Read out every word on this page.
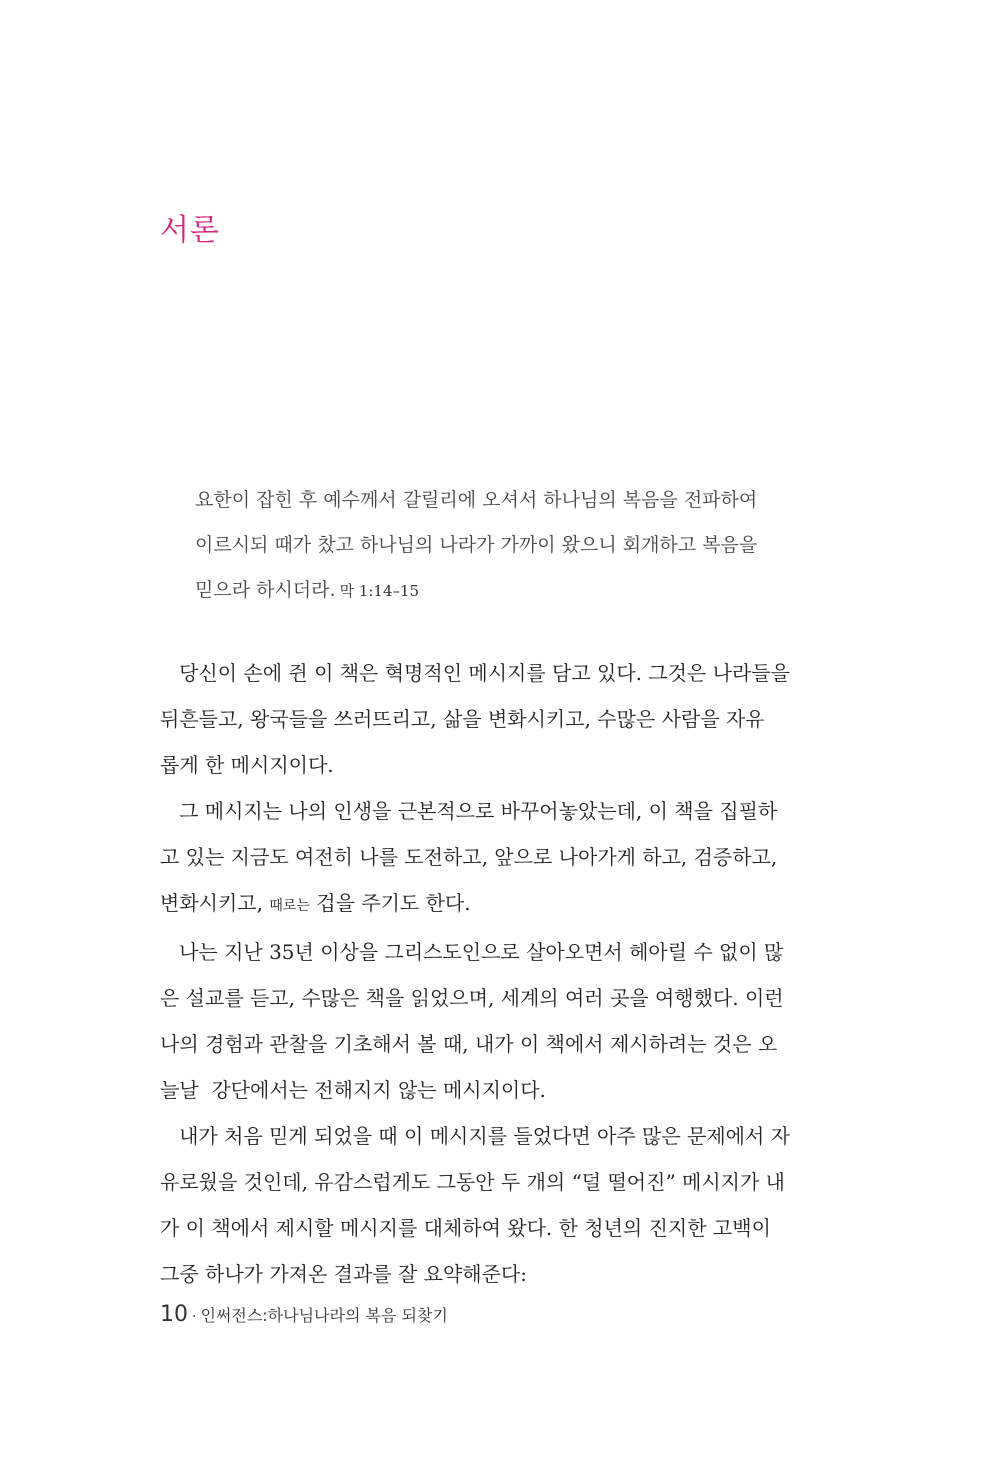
서론
요한이 잡힌 후 예수께서 갈릴리에 오셔서 하나님의 복음을 전파하여
이르시되 때가 찼고 하나님의 나라가 가까이 왔으니 회개하고 복음을
믿으라 하시더라. 막 1:14–15
당신이 손에 쥔 이 책은 혁명적인 메시지를 담고 있다. 그것은 나라들을
뒤흔들고, 왕국들을 쓰러뜨리고, 삶을 변화시키고, 수많은 사람을 자유
롭게 한 메시지이다.
그 메시지는 나의 인생을 근본적으로 바꾸어놓았는데, 이 책을 집필하
고 있는 지금도 여전히 나를 도전하고, 앞으로 나아가게 하고, 검증하고,
변화시키고, 때로는 겁을 주기도 한다.
나는 지난 35년 이상을 그리스도인으로 살아오면서 헤아릴 수 없이 많
은 설교를 듣고, 수많은 책을 읽었으며, 세계의 여러 곳을 여행했다. 이런
나의 경험과 관찰을 기초해서 볼 때, 내가 이 책에서 제시하려는 것은 오
늘날  강단에서는 전해지지 않는 메시지이다.
내가 처음 믿게 되었을 때 이 메시지를 들었다면 아주 많은 문제에서 자
유로웠을 것인데, 유감스럽게도 그동안 두 개의 “덜 떨어진” 메시지가 내
가 이 책에서 제시할 메시지를 대체하여 왔다. 한 청년의 진지한 고백이
그중 하나가 가져온 결과를 잘 요약해준다:
10 · 인써전스:하나님나라의 복음 되찾기
